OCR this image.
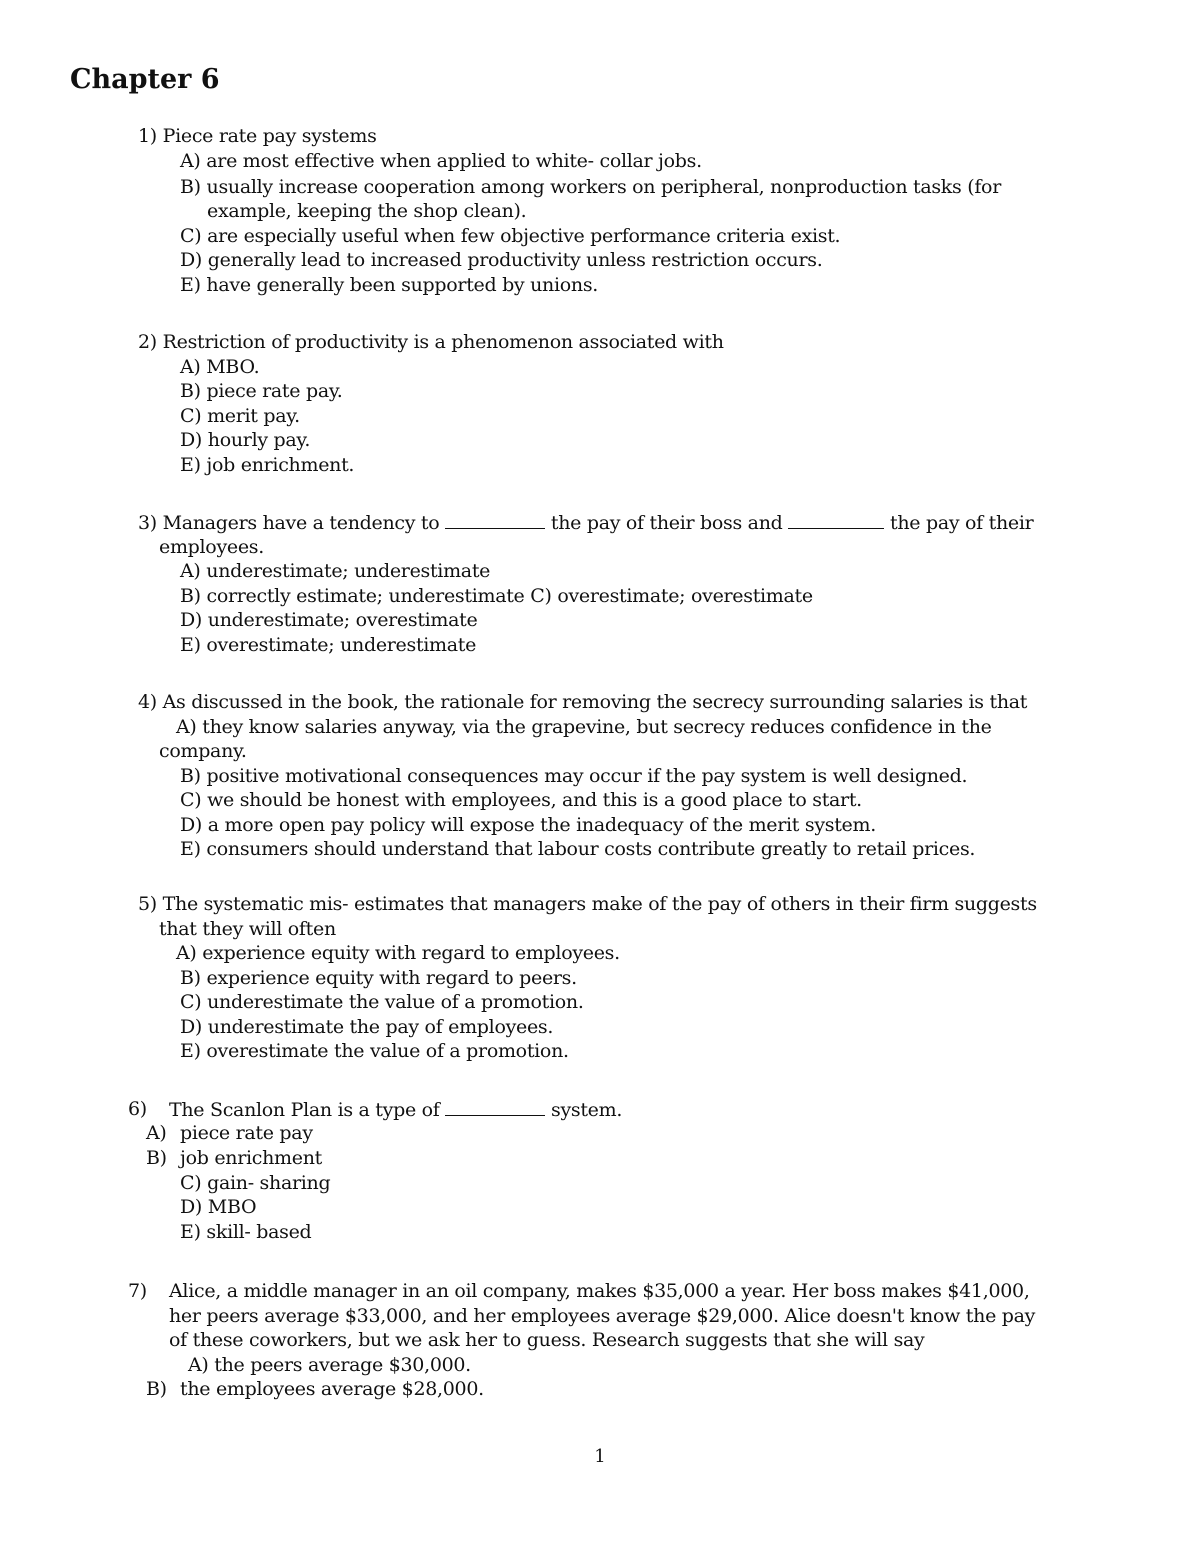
Chapter 6
1) Piece rate pay systems
A) are most effective when applied to white- collar jobs.
B) usually increase cooperation among workers on peripheral, nonproduction tasks (for
example, keeping the shop clean).
C) are especially useful when few objective performance criteria exist.
D) generally lead to increased productivity unless restriction occurs.
E) have generally been supported by unions.
2) Restriction of productivity is a phenomenon associated with
A) MBO.
B) piece rate pay.
C) merit pay.
D) hourly pay.
E) job enrichment.
3) Managers have a tendency to	the pay of their boss and	the pay of their
employees.
A) underestimate; underestimate
B) correctly estimate; underestimate C) overestimate; overestimate
D) underestimate; overestimate
E) overestimate; underestimate
4) As discussed in the book, the rationale for removing the secrecy surrounding salaries is that
A) they know salaries anyway, via the grapevine, but secrecy reduces confidence in the
company.
B) positive motivational consequences may occur if the pay system is well designed.
C) we should be honest with employees, and this is a good place to start.
D) a more open pay policy will expose the inadequacy of the merit system.
E) consumers should understand that labour costs contribute greatly to retail prices.
5) The systematic mis- estimates that managers make of the pay of others in their firm suggests
that they will often
A) experience equity with regard to employees.
B) experience equity with regard to peers.
C) underestimate the value of a promotion.
D) underestimate the pay of employees.
E) overestimate the value of a promotion.
6) The Scanlon Plan is a type of	system.
A) piece rate pay
B) job enrichment
C) gain- sharing
D) MBO
E) skill- based
7) Alice, a middle manager in an oil company, makes $35,000 a year. Her boss makes $41,000,
her peers average $33,000, and her employees average $29,000. Alice doesn't know the pay
of these coworkers, but we ask her to guess. Research suggests that she will say
A) the peers average $30,000.
B) the employees average $28,000.
1
